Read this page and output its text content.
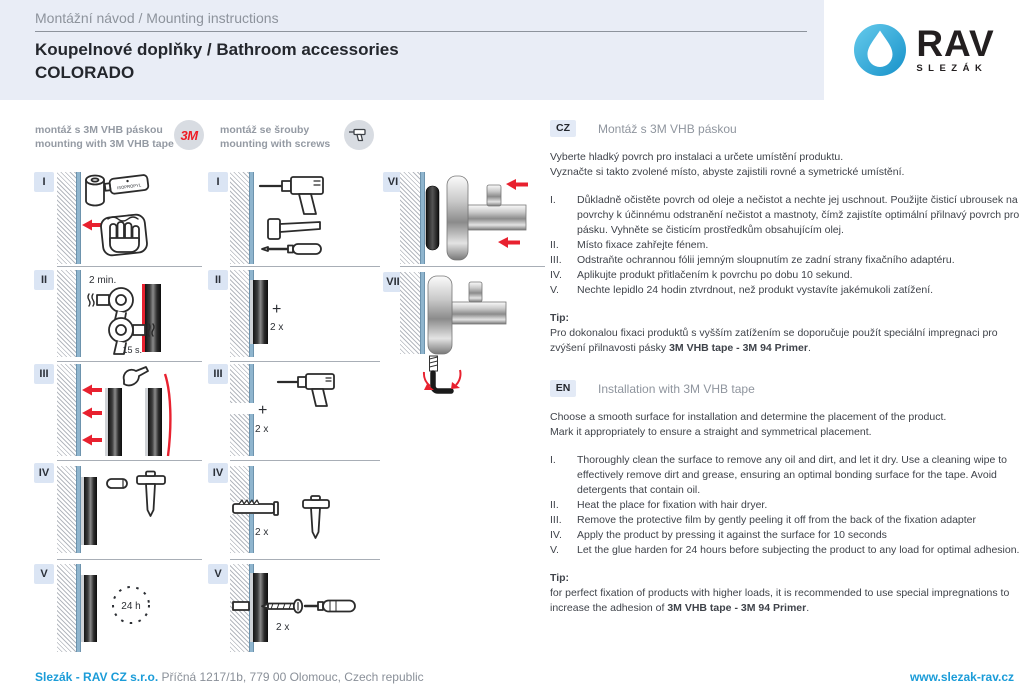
Montážní návod / Mounting instructions
Koupelnové doplňky / Bathroom accessories
COLORADO
RAV
SLEZÁK
montáž s 3M VHB páskou
mounting with 3M VHB tape
3M montáž se šrouby
mounting with screws
I	ISOPROPYL
II	2 min.
15 s.
III
IV
V
24 h
I
II
+
2 x
III
+
2 x
IV
2 x
V
2 x
VI
VII
CZ	Montáž s 3M VHB páskou
Vyberte hladký povrch pro instalaci a určete umístění produktu.
Vyznačte si takto zvolené místo, abyste zajistili rovné a symetrické umístění.
I.	Důkladně očistěte povrch od oleje a nečistot a nechte jej uschnout. Použijte čisticí ubrousek na povrchy k účinnému odstranění nečistot a mastnoty, čímž zajistíte optimální přilnavý povrch pro pásku. Vyhněte se čisticím prostředkům obsahujícím olej.
II.	Místo fixace zahřejte fénem.
III.	Odstraňte ochrannou fólii jemným sloupnutím ze zadní strany fixačního adaptéru.
IV.	Aplikujte produkt přitlačením k povrchu po dobu 10 sekund.
V.	Nechte lepidlo 24 hodin ztvrdnout, než produkt vystavíte jakémukoli zatížení.
Tip:
Pro dokonalou fixaci produktů s vyšším zatížením se doporučuje použít speciální impregnaci pro zvýšení přilnavosti pásky 3M VHB tape - 3M 94 Primer.
EN	Installation with 3M VHB tape
Choose a smooth surface for installation and determine the placement of the product.
Mark it appropriately to ensure a straight and symmetrical placement.
I.	Thoroughly clean the surface to remove any oil and dirt, and let it dry. Use a cleaning wipe to effectively remove dirt and grease, ensuring an optimal bonding surface for the tape. Avoid detergents that contain oil.
II.	Heat the place for fixation with hair dryer.
III.	Remove the protective film by gently peeling it off from the back of the fixation adapter
IV.	Apply the product by pressing it against the surface for 10 seconds
V.	Let the glue harden for 24 hours before subjecting the product to any load for optimal adhesion.
Tip:
for perfect fixation of products with higher loads, it is recommended to use special impregnations to increase the adhesion of 3M VHB tape - 3M 94 Primer.
Slezák - RAV CZ s.r.o. Příčná 1217/1b, 779 00 Olomouc, Czech republic	www.slezak-rav.cz
